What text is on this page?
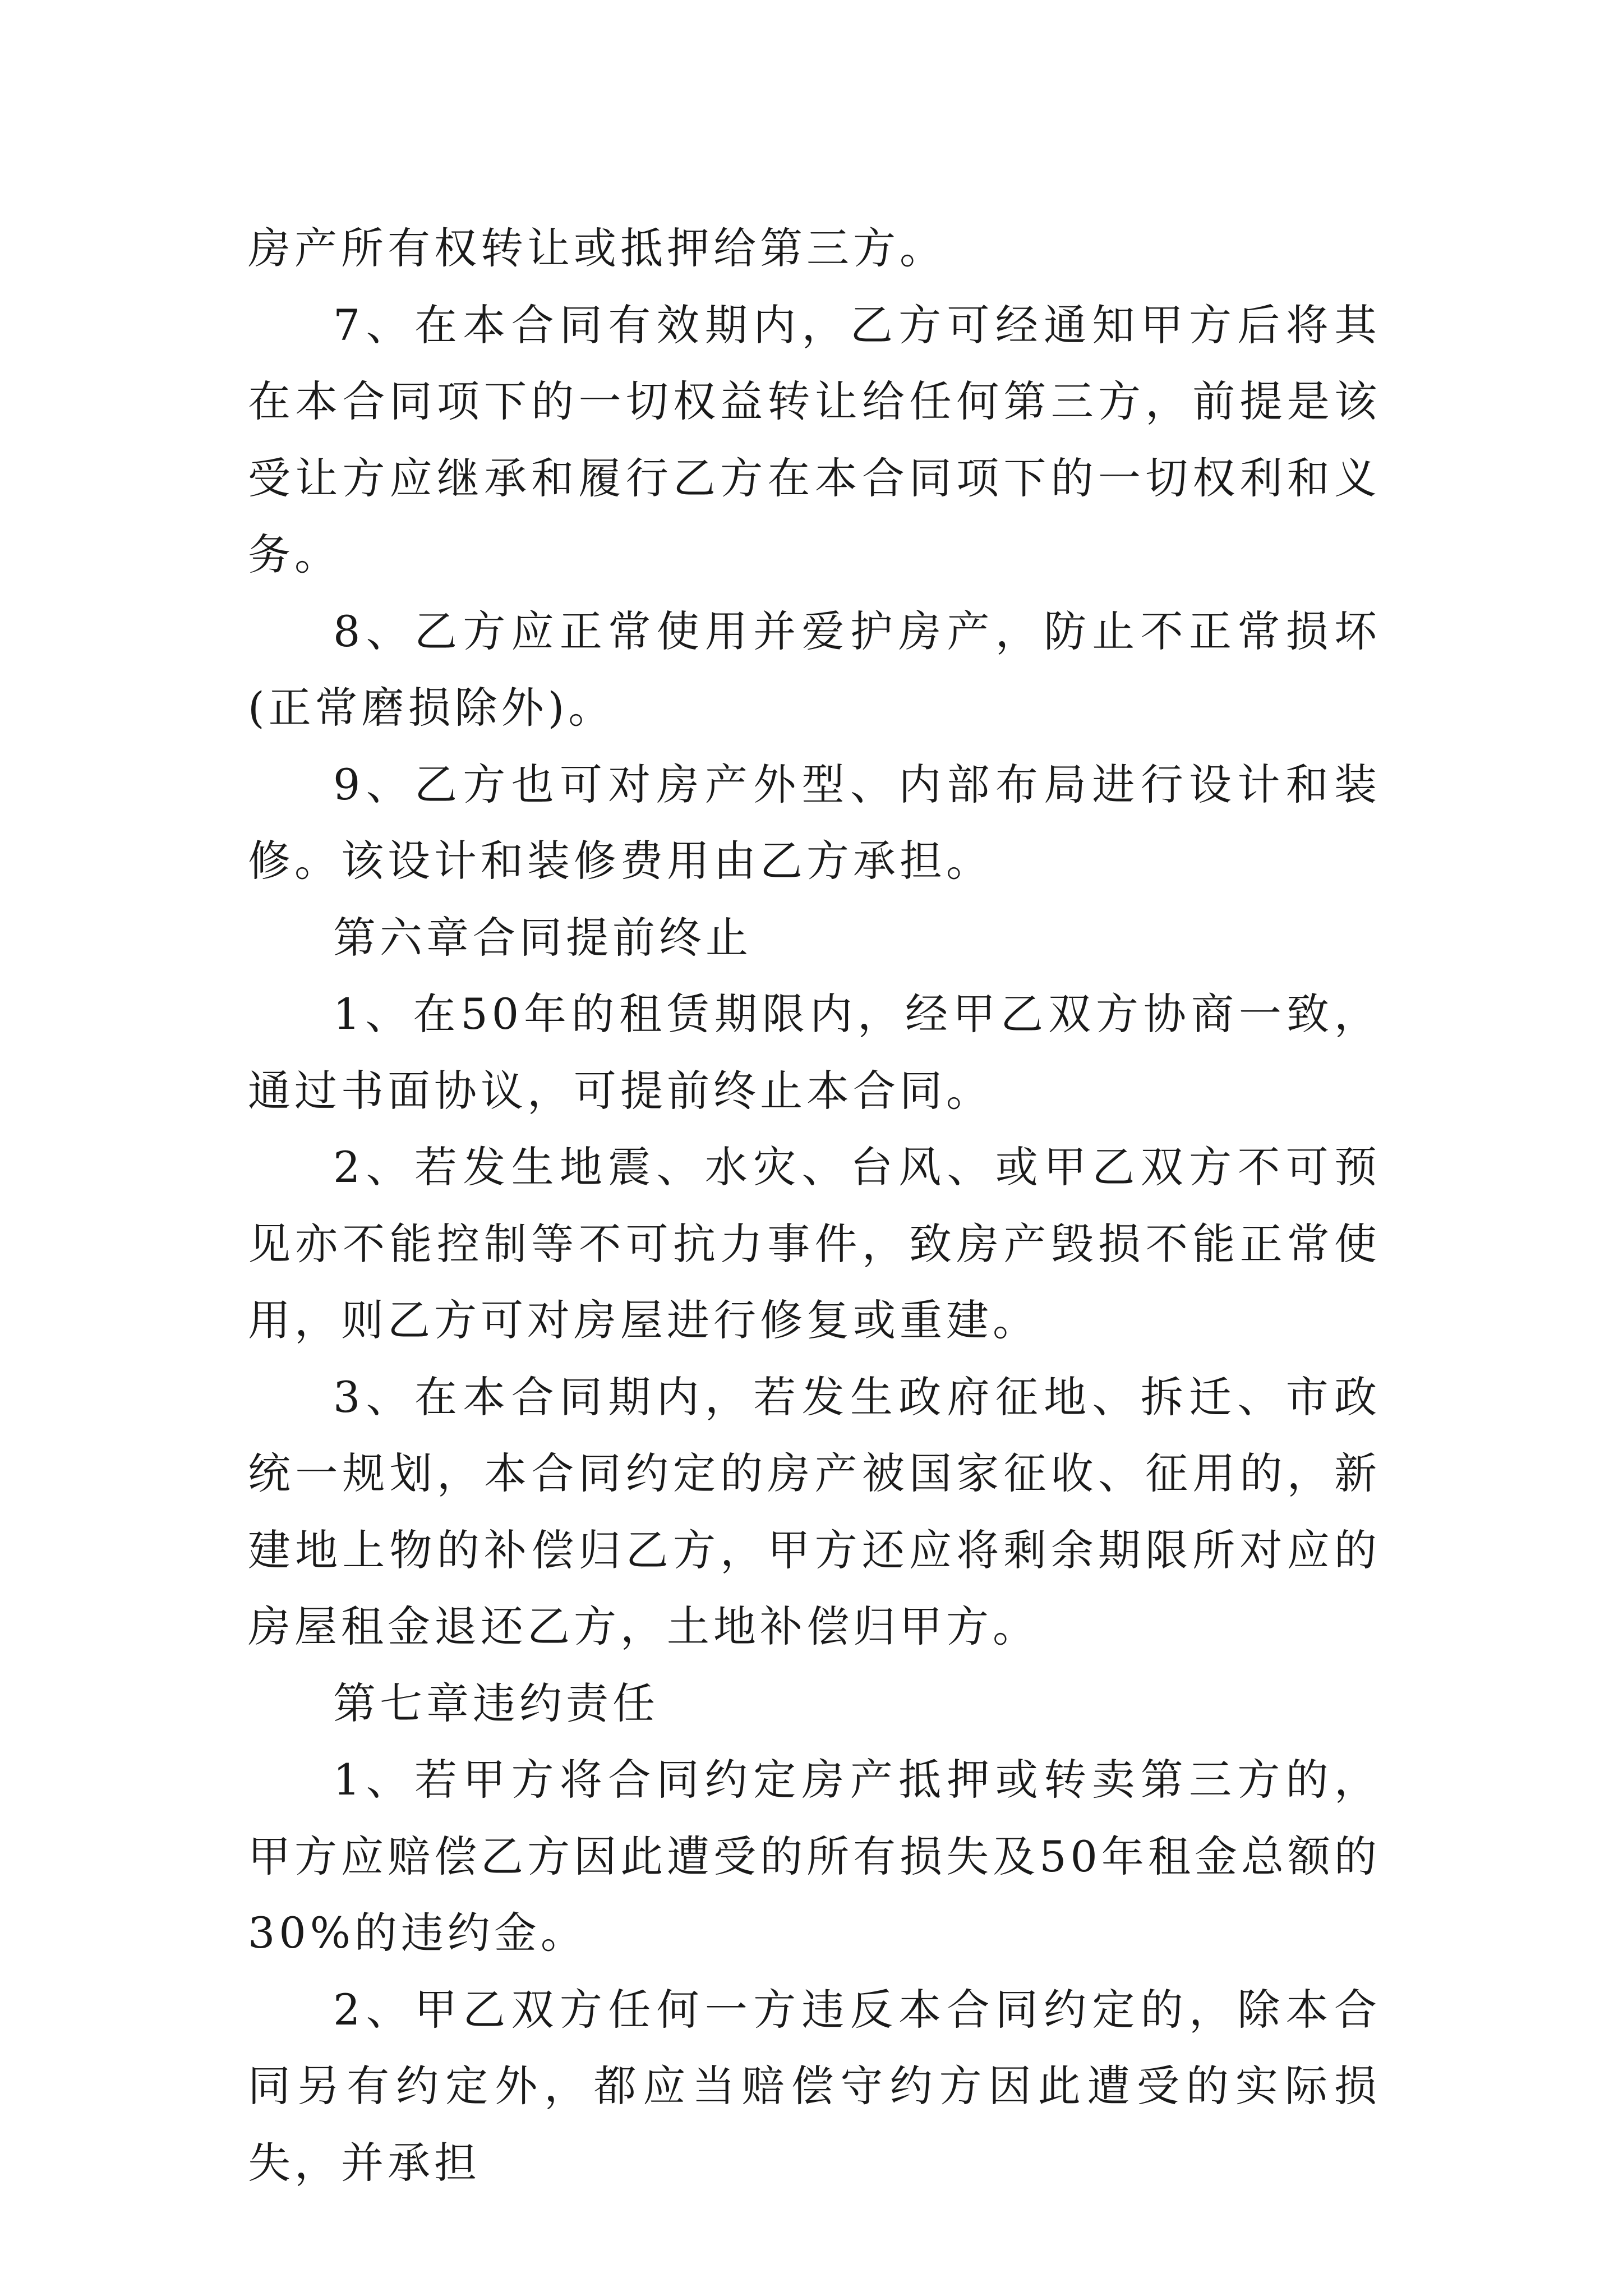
房产所有权转让或抵押给第三方。

7、在本合同有效期内，乙方可经通知甲方后将其在本合同项下的一切权益转让给任何第三方，前提是该受让方应继承和履行乙方在本合同项下的一切权利和义务。

8、乙方应正常使用并爱护房产，防止不正常损坏(正常磨损除外)。

9、乙方也可对房产外型、内部布局进行设计和装修。该设计和装修费用由乙方承担。

第六章合同提前终止

1、在50年的租赁期限内，经甲乙双方协商一致，通过书面协议，可提前终止本合同。

2、若发生地震、水灾、台风、或甲乙双方不可预见亦不能控制等不可抗力事件，致房产毁损不能正常使用，则乙方可对房屋进行修复或重建。

3、在本合同期内，若发生政府征地、拆迁、市政统一规划，本合同约定的房产被国家征收、征用的，新建地上物的补偿归乙方，甲方还应将剩余期限所对应的房屋租金退还乙方，土地补偿归甲方。

第七章违约责任

1、若甲方将合同约定房产抵押或转卖第三方的，甲方应赔偿乙方因此遭受的所有损失及50年租金总额的30%的违约金。

2、甲乙双方任何一方违反本合同约定的，除本合同另有约定外，都应当赔偿守约方因此遭受的实际损失，并承担
